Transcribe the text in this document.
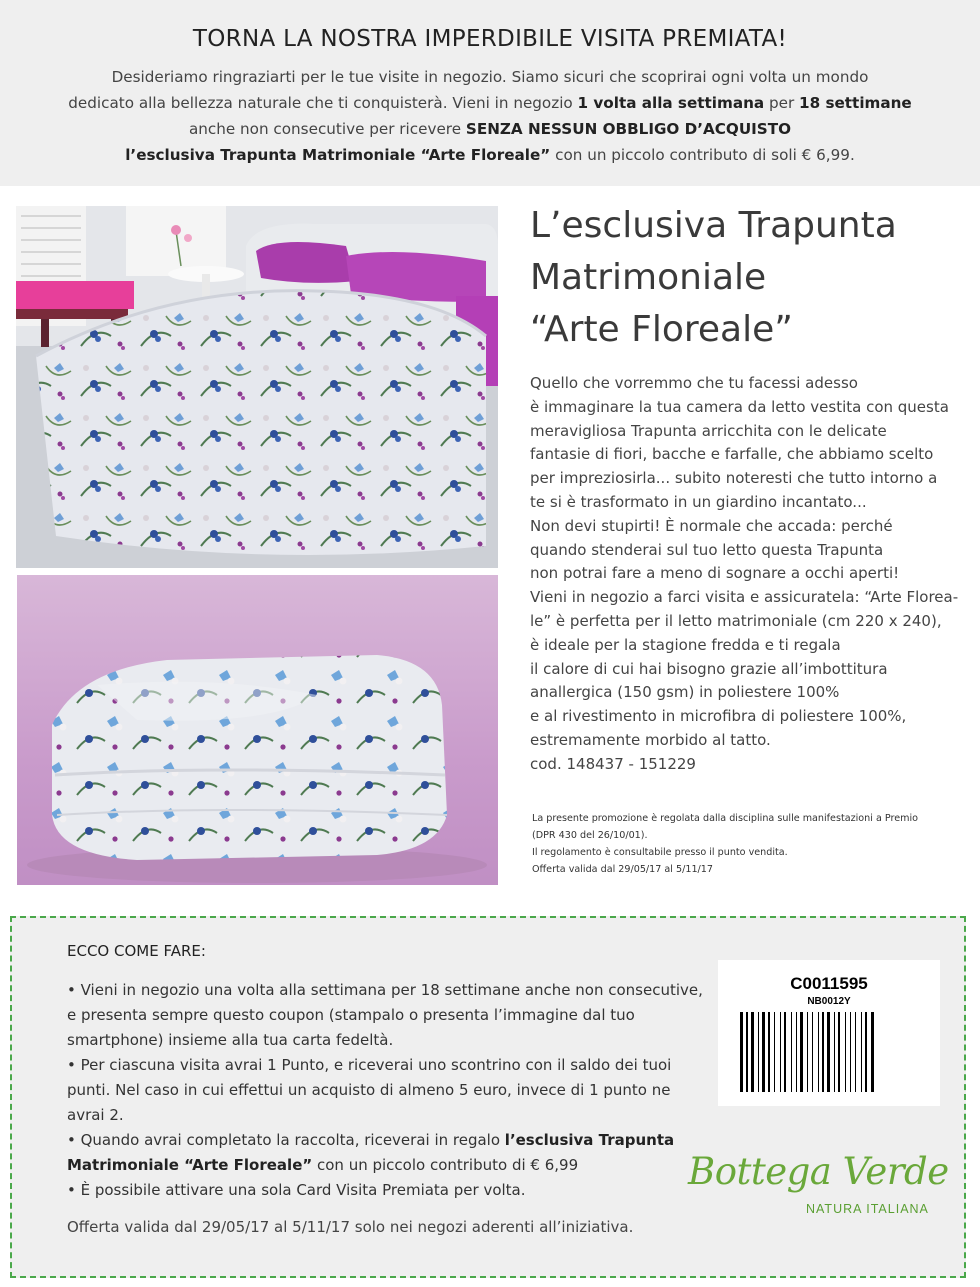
TORNA LA NOSTRA IMPERDIBILE VISITA PREMIATA!
Desideriamo ringraziarti per le tue visite in negozio. Siamo sicuri che scoprirai ogni volta un mondo
dedicato alla bellezza naturale che ti conquisterà. Vieni in negozio 1 volta alla settimana per 18 settimane
anche non consecutive per ricevere SENZA NESSUN OBBLIGO D’ACQUISTO
l’esclusiva Trapunta Matrimoniale “Arte Floreale” con un piccolo contributo di soli € 6,99.
L’esclusiva Trapunta
Matrimoniale
“Arte Floreale”
Quello che vorremmo che tu facessi adesso
è immaginare la tua camera da letto vestita con questa
meravigliosa Trapunta arricchita con le delicate
fantasie di fiori, bacche e farfalle, che abbiamo scelto
per impreziosirla... subito noteresti che tutto intorno a
te si è trasformato in un giardino incantato...
Non devi stupirti! È normale che accada: perché
quando stenderai sul tuo letto questa Trapunta
non potrai fare a meno di sognare a occhi aperti!
Vieni in negozio a farci visita e assicuratela: “Arte Florea-
le” è perfetta per il letto matrimoniale (cm 220 x 240),
è ideale per la stagione fredda e ti regala
il calore di cui hai bisogno grazie all’imbottitura
anallergica (150 gsm) in poliestere 100%
e al rivestimento in microfibra di poliestere 100%,
estremamente morbido al tatto.
cod. 148437 - 151229
La presente promozione è regolata dalla disciplina sulle manifestazioni a Premio
(DPR 430 del 26/10/01).
Il regolamento è consultabile presso il punto vendita.
Offerta valida dal 29/05/17 al 5/11/17
ECCO COME FARE:
• Vieni in negozio una volta alla settimana per 18 settimane anche non consecutive,
e presenta sempre questo coupon (stampalo o presenta l’immagine dal tuo
smartphone) insieme alla tua carta fedeltà.
• Per ciascuna visita avrai 1 Punto, e riceverai uno scontrino con il saldo dei tuoi
punti. Nel caso in cui effettui un acquisto di almeno 5 euro, invece di 1 punto ne
avrai 2.
• Quando avrai completato la raccolta, riceverai in regalo l’esclusiva Trapunta
Matrimoniale “Arte Floreale” con un piccolo contributo di € 6,99
• È possibile attivare una sola Card Visita Premiata per volta.
Offerta valida dal 29/05/17 al 5/11/17 solo nei negozi aderenti all’iniziativa.
C0011595
NB0012Y
Bottega Verde
NATURA ITALIANA
